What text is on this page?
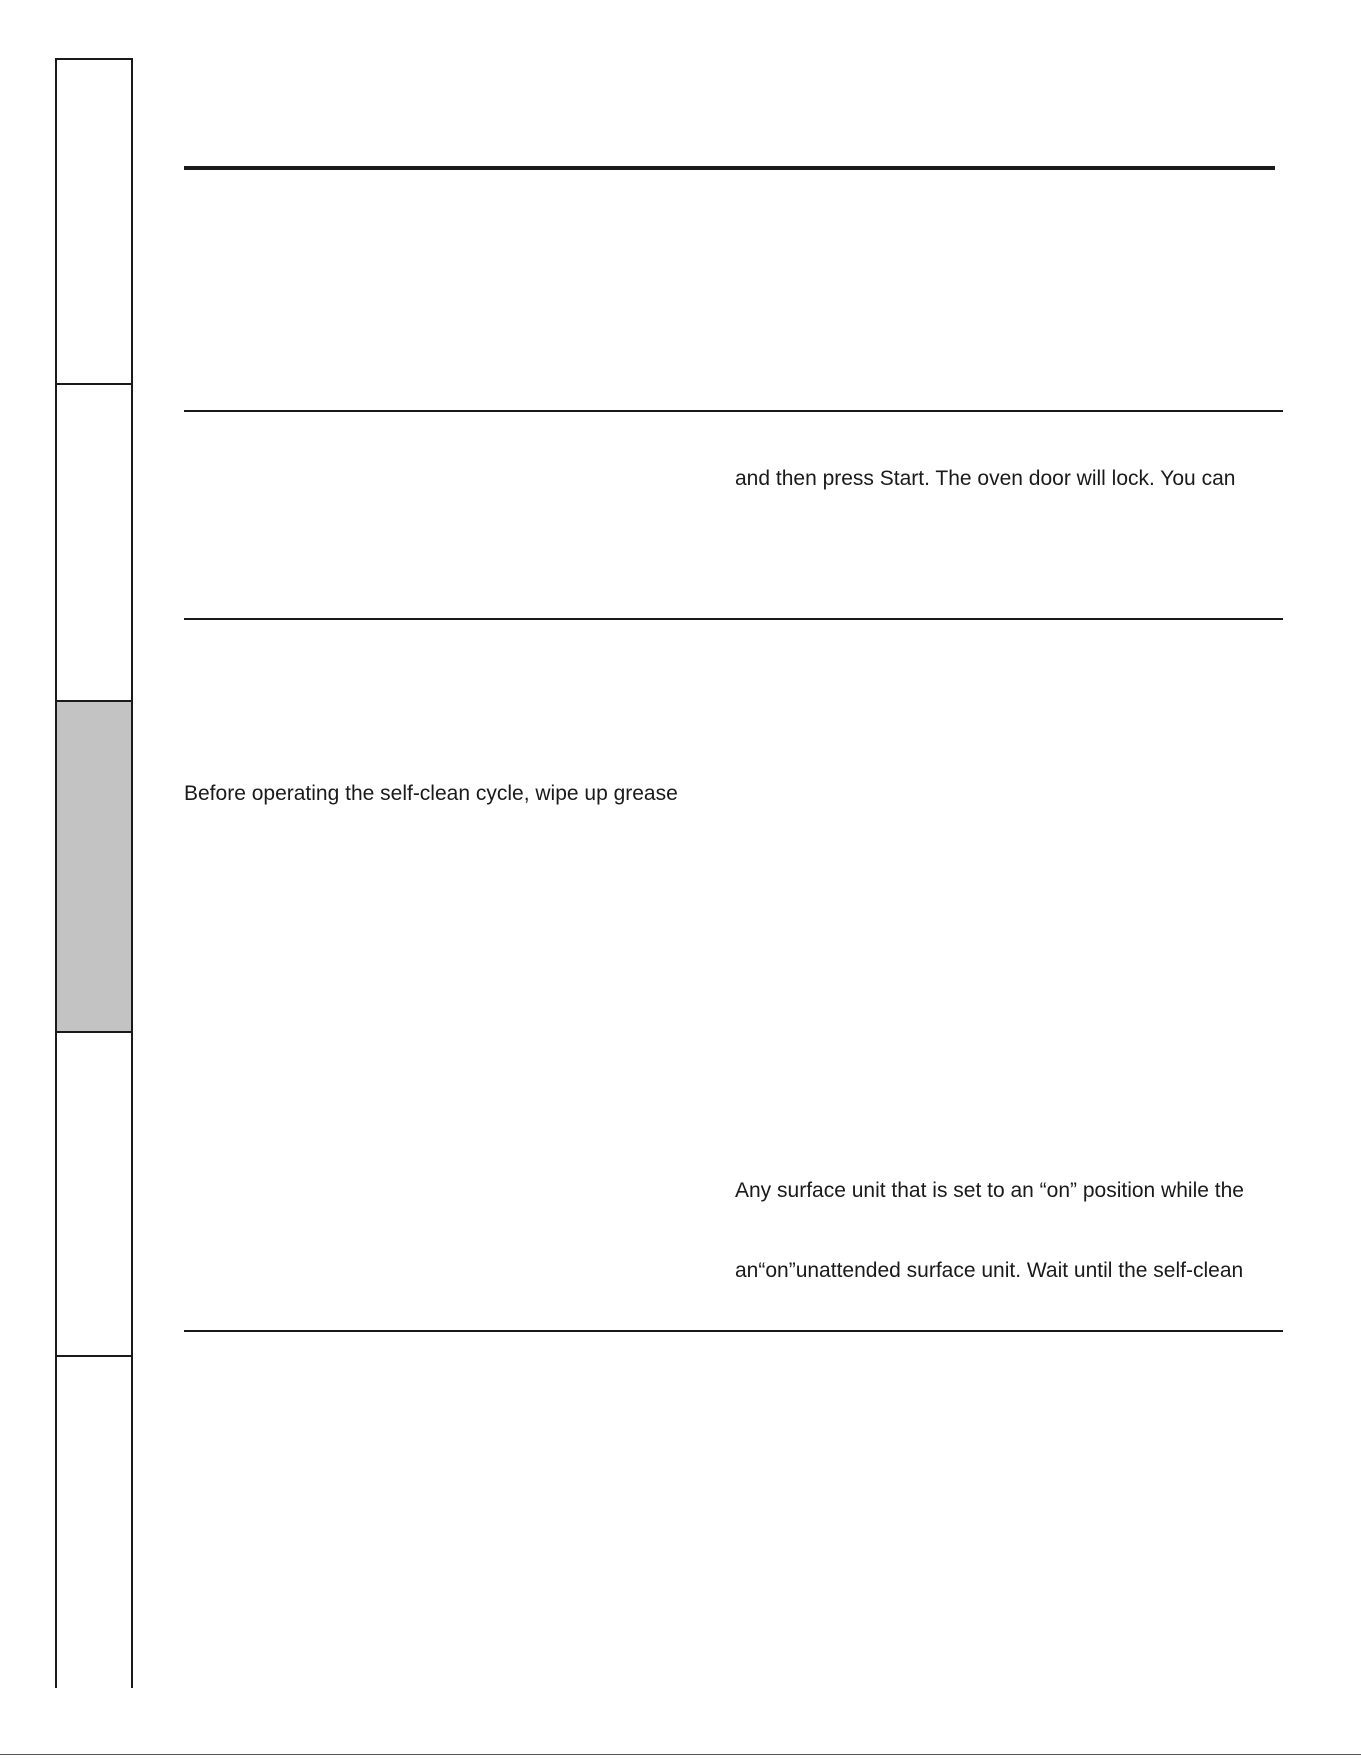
and then press Start. The oven door will lock. You can
Before operating the self-clean cycle, wipe up grease
Any surface unit that is set to an “on” position while the
an“on”unattended surface unit. Wait until the self-clean
